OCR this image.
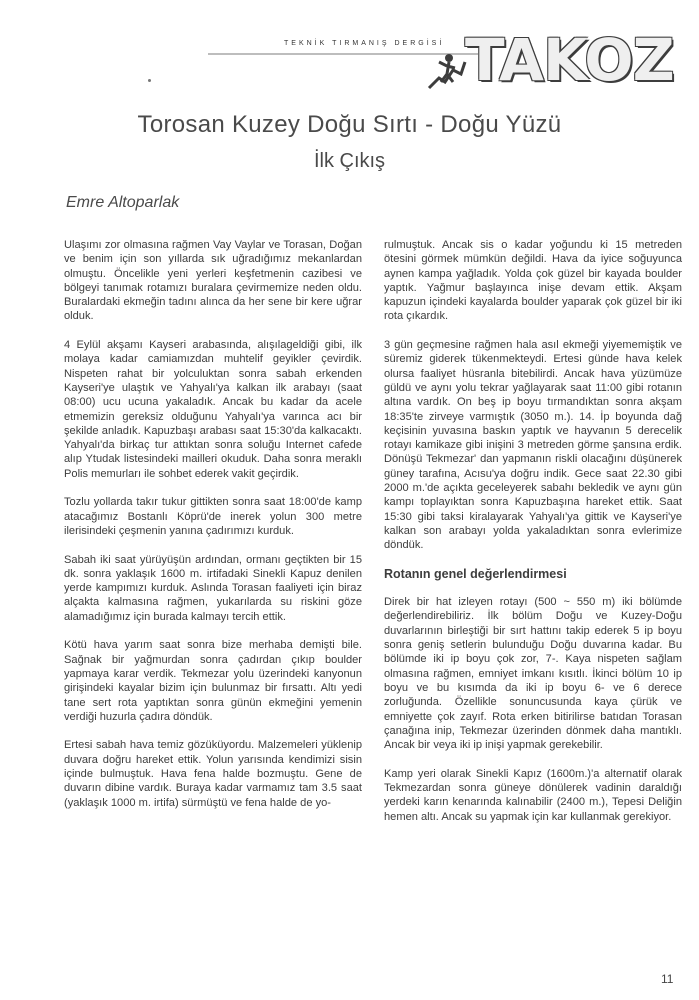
TEKNİK TIRMANIŞ DERGİSİ TAKOZ
Torosan Kuzey Doğu Sırtı - Doğu Yüzü
İlk Çıkış
Emre Altoparlak

Ulaşımı zor olmasına rağmen Vay Vaylar ve Torasan, Doğan ve benim için son yıllarda sık uğradığımız mekanlardan olmuştu. Öncelikle yeni yerleri keşfetmenin cazibesi ve bölgeyi tanımak rotamızı buralara çevirmemize neden oldu. Buralardaki ekmeğin tadını alınca da her sene bir kere uğrar olduk.

4 Eylül akşamı Kayseri arabasında, alışılageldiği gibi, ilk molaya kadar camiamızdan muhtelif geyikler çevirdik. Nispeten rahat bir yolculuktan sonra sabah erkenden Kayseri'ye ulaştık ve Yahyalı'ya kalkan ilk arabayı (saat 08:00) ucu ucuna yakaladık. Ancak bu kadar da acele etmemizin gereksiz olduğunu Yahyalı'ya varınca acı bir şekilde anladık. Kapuzbaşı arabası saat 15:30'da kalkacaktı. Yahyalı'da birkaç tur attıktan sonra soluğu Internet cafede alıp Ytudak listesindeki mailleri okuduk. Daha sonra meraklı Polis memurları ile sohbet ederek vakit geçirdik.

Tozlu yollarda takır tukur gittikten sonra saat 18:00'de kamp atacağımız Bostanlı Köprü'de inerek yolun 300 metre ilerisindeki çeşmenin yanına çadırımızı kurduk.

Sabah iki saat yürüyüşün ardından, ormanı geçtikten bir 15 dk. sonra yaklaşık 1600 m. irtifadaki Sinekli Kapuz denilen yerde kampımızı kurduk. Aslında Torasan faaliyeti için biraz alçakta kalmasına rağmen, yukarılarda su riskini göze alamadığımız için burada kalmayı tercih ettik.

Kötü hava yarım saat sonra bize merhaba demişti bile. Sağnak bir yağmurdan sonra çadırdan çıkıp boulder yapmaya karar verdik. Tekmezar yolu üzerindeki kanyonun girişindeki kayalar bizim için bulunmaz bir fırsattı. Altı yedi tane sert rota yaptıktan sonra günün ekmeğini yemenin verdiği huzurla çadıra döndük.

Ertesi sabah hava temiz gözüküyordu. Malzemeleri yüklenip duvara doğru hareket ettik. Yolun yarısında kendimizi sisin içinde bulmuştuk. Hava fena halde bozmuştu. Gene de duvarın dibine vardık. Buraya kadar varmamız tam 3.5 saat (yaklaşık 1000 m. irtifa) sürmüştü ve fena halde de yo-

rulmuştuk. Ancak sis o kadar yoğundu ki 15 metreden ötesini görmek mümkün değildi. Hava da iyice soğuyunca aynen kampa yağladık. Yolda çok güzel bir kayada boulder yaptık. Yağmur başlayınca inişe devam ettik. Akşam kapuzun içindeki kayalarda boulder yaparak çok güzel bir iki rota çıkardık.

3 gün geçmesine rağmen hala asıl ekmeği yiyememiştik ve süremiz giderek tükenmekteydi. Ertesi günde hava kelek olursa faaliyet hüsranla bitebilirdi. Ancak hava yüzümüze güldü ve aynı yolu tekrar yağlayarak saat 11:00 gibi rotanın altına vardık. On beş ip boyu tırmandıktan sonra akşam 18:35'te zirveye varmıştık (3050 m.). 14. İp boyunda dağ keçisinin yuvasına baskın yaptık ve hayvanın 5 derecelik rotayı kamikaze gibi inişini 3 metreden görme şansına erdik. Dönüşü Tekmezar' dan yapmanın riskli olacağını düşünerek güney tarafına, Acısu'ya doğru indik. Gece saat 22.30 gibi 2000 m.'de açıkta geceleyerek sabahı bekledik ve aynı gün kampı toplayıktan sonra Kapuzbaşına hareket ettik. Saat 15:30 gibi taksi kiralayarak Yahyalı'ya gittik ve Kayseri'ye kalkan son arabayı yolda yakaladıktan sonra evlerimize döndük.

Rotanın genel değerlendirmesi

Direk bir hat izleyen rotayı (500 ~ 550 m) iki bölümde değerlendirebiliriz. İlk bölüm Doğu ve Kuzey-Doğu duvarlarının birleştiği bir sırt hattını takip ederek 5 ip boyu sonra geniş setlerin bulunduğu Doğu duvarına kadar. Bu bölümde iki ip boyu çok zor, 7-. Kaya nispeten sağlam olmasına rağmen, emniyet imkanı kısıtlı. İkinci bölüm 10 ip boyu ve bu kısımda da iki ip boyu 6- ve 6 derece zorluğunda. Özellikle sonuncusunda kaya çürük ve emniyette çok zayıf. Rota erken bitirilirse batıdan Torasan çanağına inip, Tekmezar üzerinden dönmek daha mantıklı. Ancak bir veya iki ip inişi yapmak gerekebilir.

Kamp yeri olarak Sinekli Kapız (1600m.)'a alternatif olarak Tekmezardan sonra güneye dönülerek vadinin daraldığı yerdeki karın kenarında kalınabilir (2400 m.), Tepesi Deliğin hemen altı. Ancak su yapmak için kar kullanmak gerekiyor.

11
